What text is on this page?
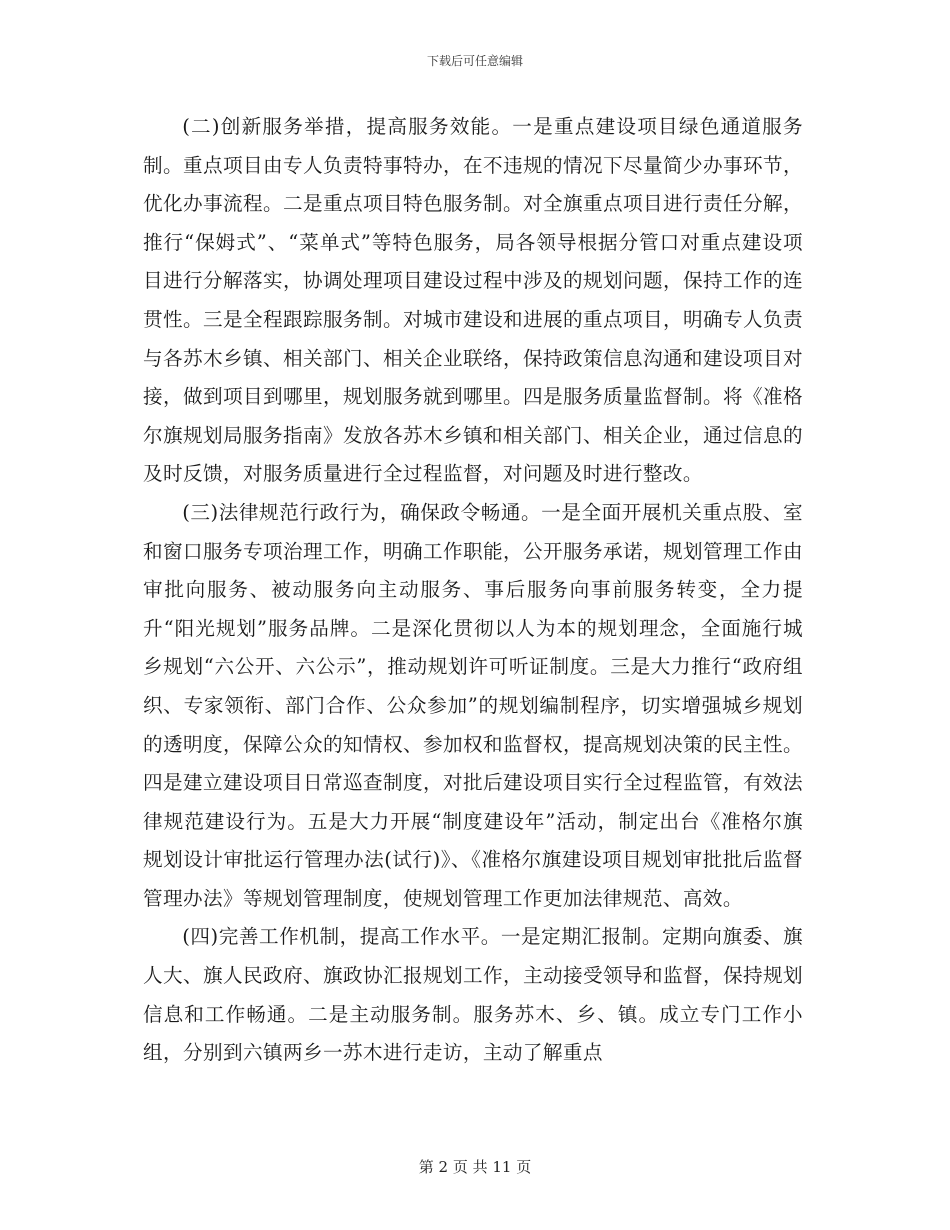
下载后可任意编辑

(二)创新服务举措，提高服务效能。一是重点建设项目绿色通道服务制。重点项目由专人负责特事特办，在不违规的情况下尽量简少办事环节，优化办事流程。二是重点项目特色服务制。对全旗重点项目进行责任分解，推行“保姆式”、“菜单式”等特色服务，局各领导根据分管口对重点建设项目进行分解落实，协调处理项目建设过程中涉及的规划问题，保持工作的连贯性。三是全程跟踪服务制。对城市建设和进展的重点项目，明确专人负责与各苏木乡镇、相关部门、相关企业联络，保持政策信息沟通和建设项目对接，做到项目到哪里，规划服务就到哪里。四是服务质量监督制。将《准格尔旗规划局服务指南》发放各苏木乡镇和相关部门、相关企业，通过信息的及时反馈，对服务质量进行全过程监督，对问题及时进行整改。

(三)法律规范行政行为，确保政令畅通。一是全面开展机关重点股、室和窗口服务专项治理工作，明确工作职能，公开服务承诺，规划管理工作由审批向服务、被动服务向主动服务、事后服务向事前服务转变，全力提升“阳光规划”服务品牌。二是深化贯彻以人为本的规划理念，全面施行城乡规划“六公开、六公示”，推动规划许可听证制度。三是大力推行“政府组织、专家领衔、部门合作、公众参加”的规划编制程序，切实增强城乡规划的透明度，保障公众的知情权、参加权和监督权，提高规划决策的民主性。四是建立建设项目日常巡查制度，对批后建设项目实行全过程监管，有效法律规范建设行为。五是大力开展“制度建设年”活动，制定出台《准格尔旗规划设计审批运行管理办法(试行)》、《准格尔旗建设项目规划审批批后监督管理办法》等规划管理制度，使规划管理工作更加法律规范、高效。

(四)完善工作机制，提高工作水平。一是定期汇报制。定期向旗委、旗人大、旗人民政府、旗政协汇报规划工作，主动接受领导和监督，保持规划信息和工作畅通。二是主动服务制。服务苏木、乡、镇。成立专门工作小组，分别到六镇两乡一苏木进行走访，主动了解重点

第 2 页 共 11 页
